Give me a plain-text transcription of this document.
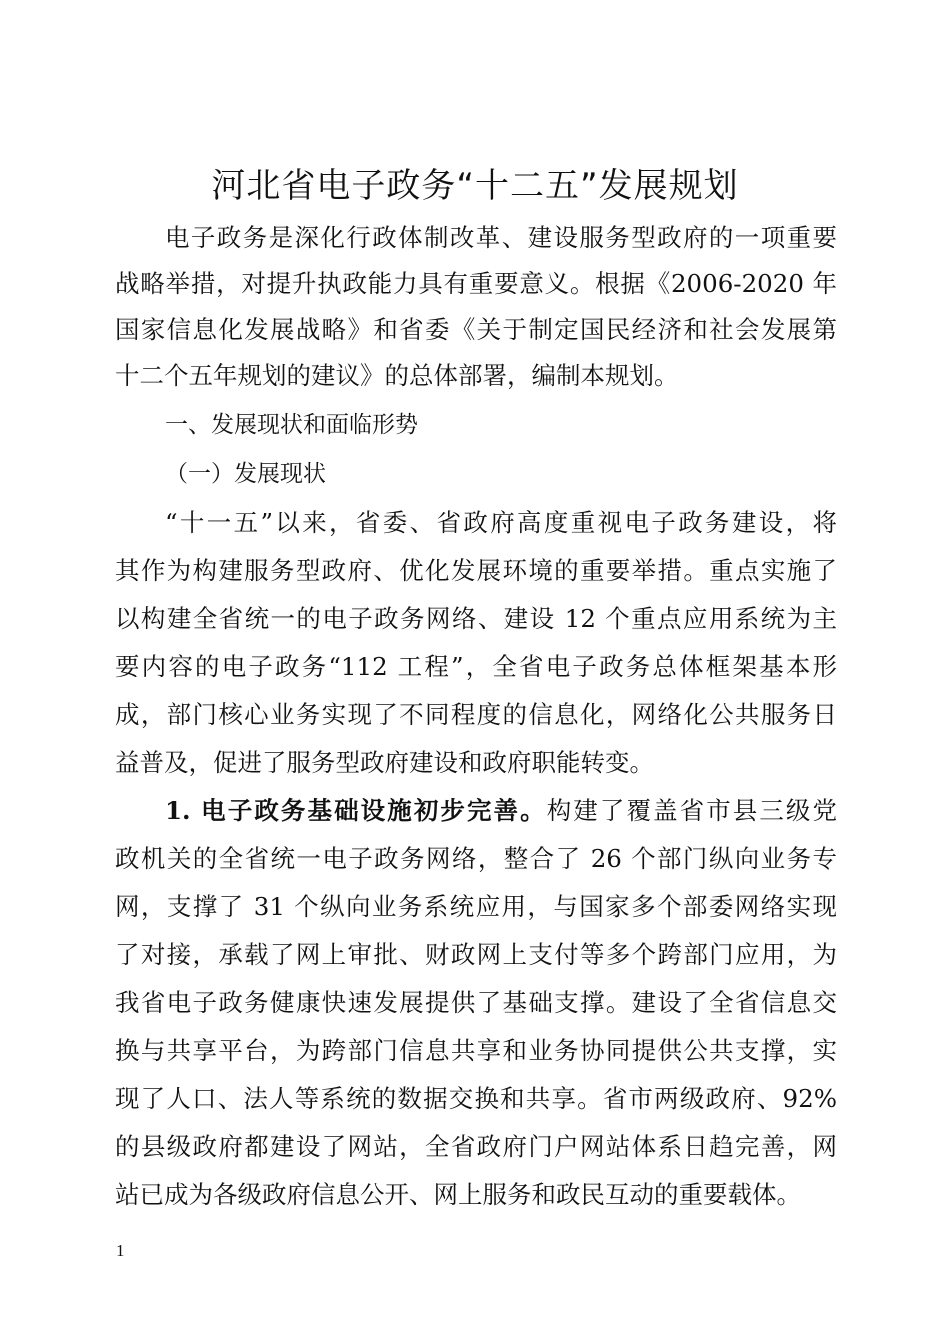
河北省电子政务“十二五”发展规划
电子政务是深化行政体制改革、建设服务型政府的一项重要
战略举措，对提升执政能力具有重要意义。根据《2006-2020 年
国家信息化发展战略》和省委《关于制定国民经济和社会发展第
十二个五年规划的建议》的总体部署，编制本规划。
一、发展现状和面临形势
（一）发展现状
“十一五”以来，省委、省政府高度重视电子政务建设，将
其作为构建服务型政府、优化发展环境的重要举措。重点实施了
以构建全省统一的电子政务网络、建设 12 个重点应用系统为主
要内容的电子政务“112 工程”，全省电子政务总体框架基本形
成，部门核心业务实现了不同程度的信息化，网络化公共服务日
益普及，促进了服务型政府建设和政府职能转变。
1. 电子政务基础设施初步完善。构建了覆盖省市县三级党
政机关的全省统一电子政务网络，整合了 26 个部门纵向业务专
网，支撑了 31 个纵向业务系统应用，与国家多个部委网络实现
了对接，承载了网上审批、财政网上支付等多个跨部门应用，为
我省电子政务健康快速发展提供了基础支撑。建设了全省信息交
换与共享平台，为跨部门信息共享和业务协同提供公共支撑，实
现了人口、法人等系统的数据交换和共享。省市两级政府、92%
的县级政府都建设了网站，全省政府门户网站体系日趋完善，网
站已成为各级政府信息公开、网上服务和政民互动的重要载体。
1
